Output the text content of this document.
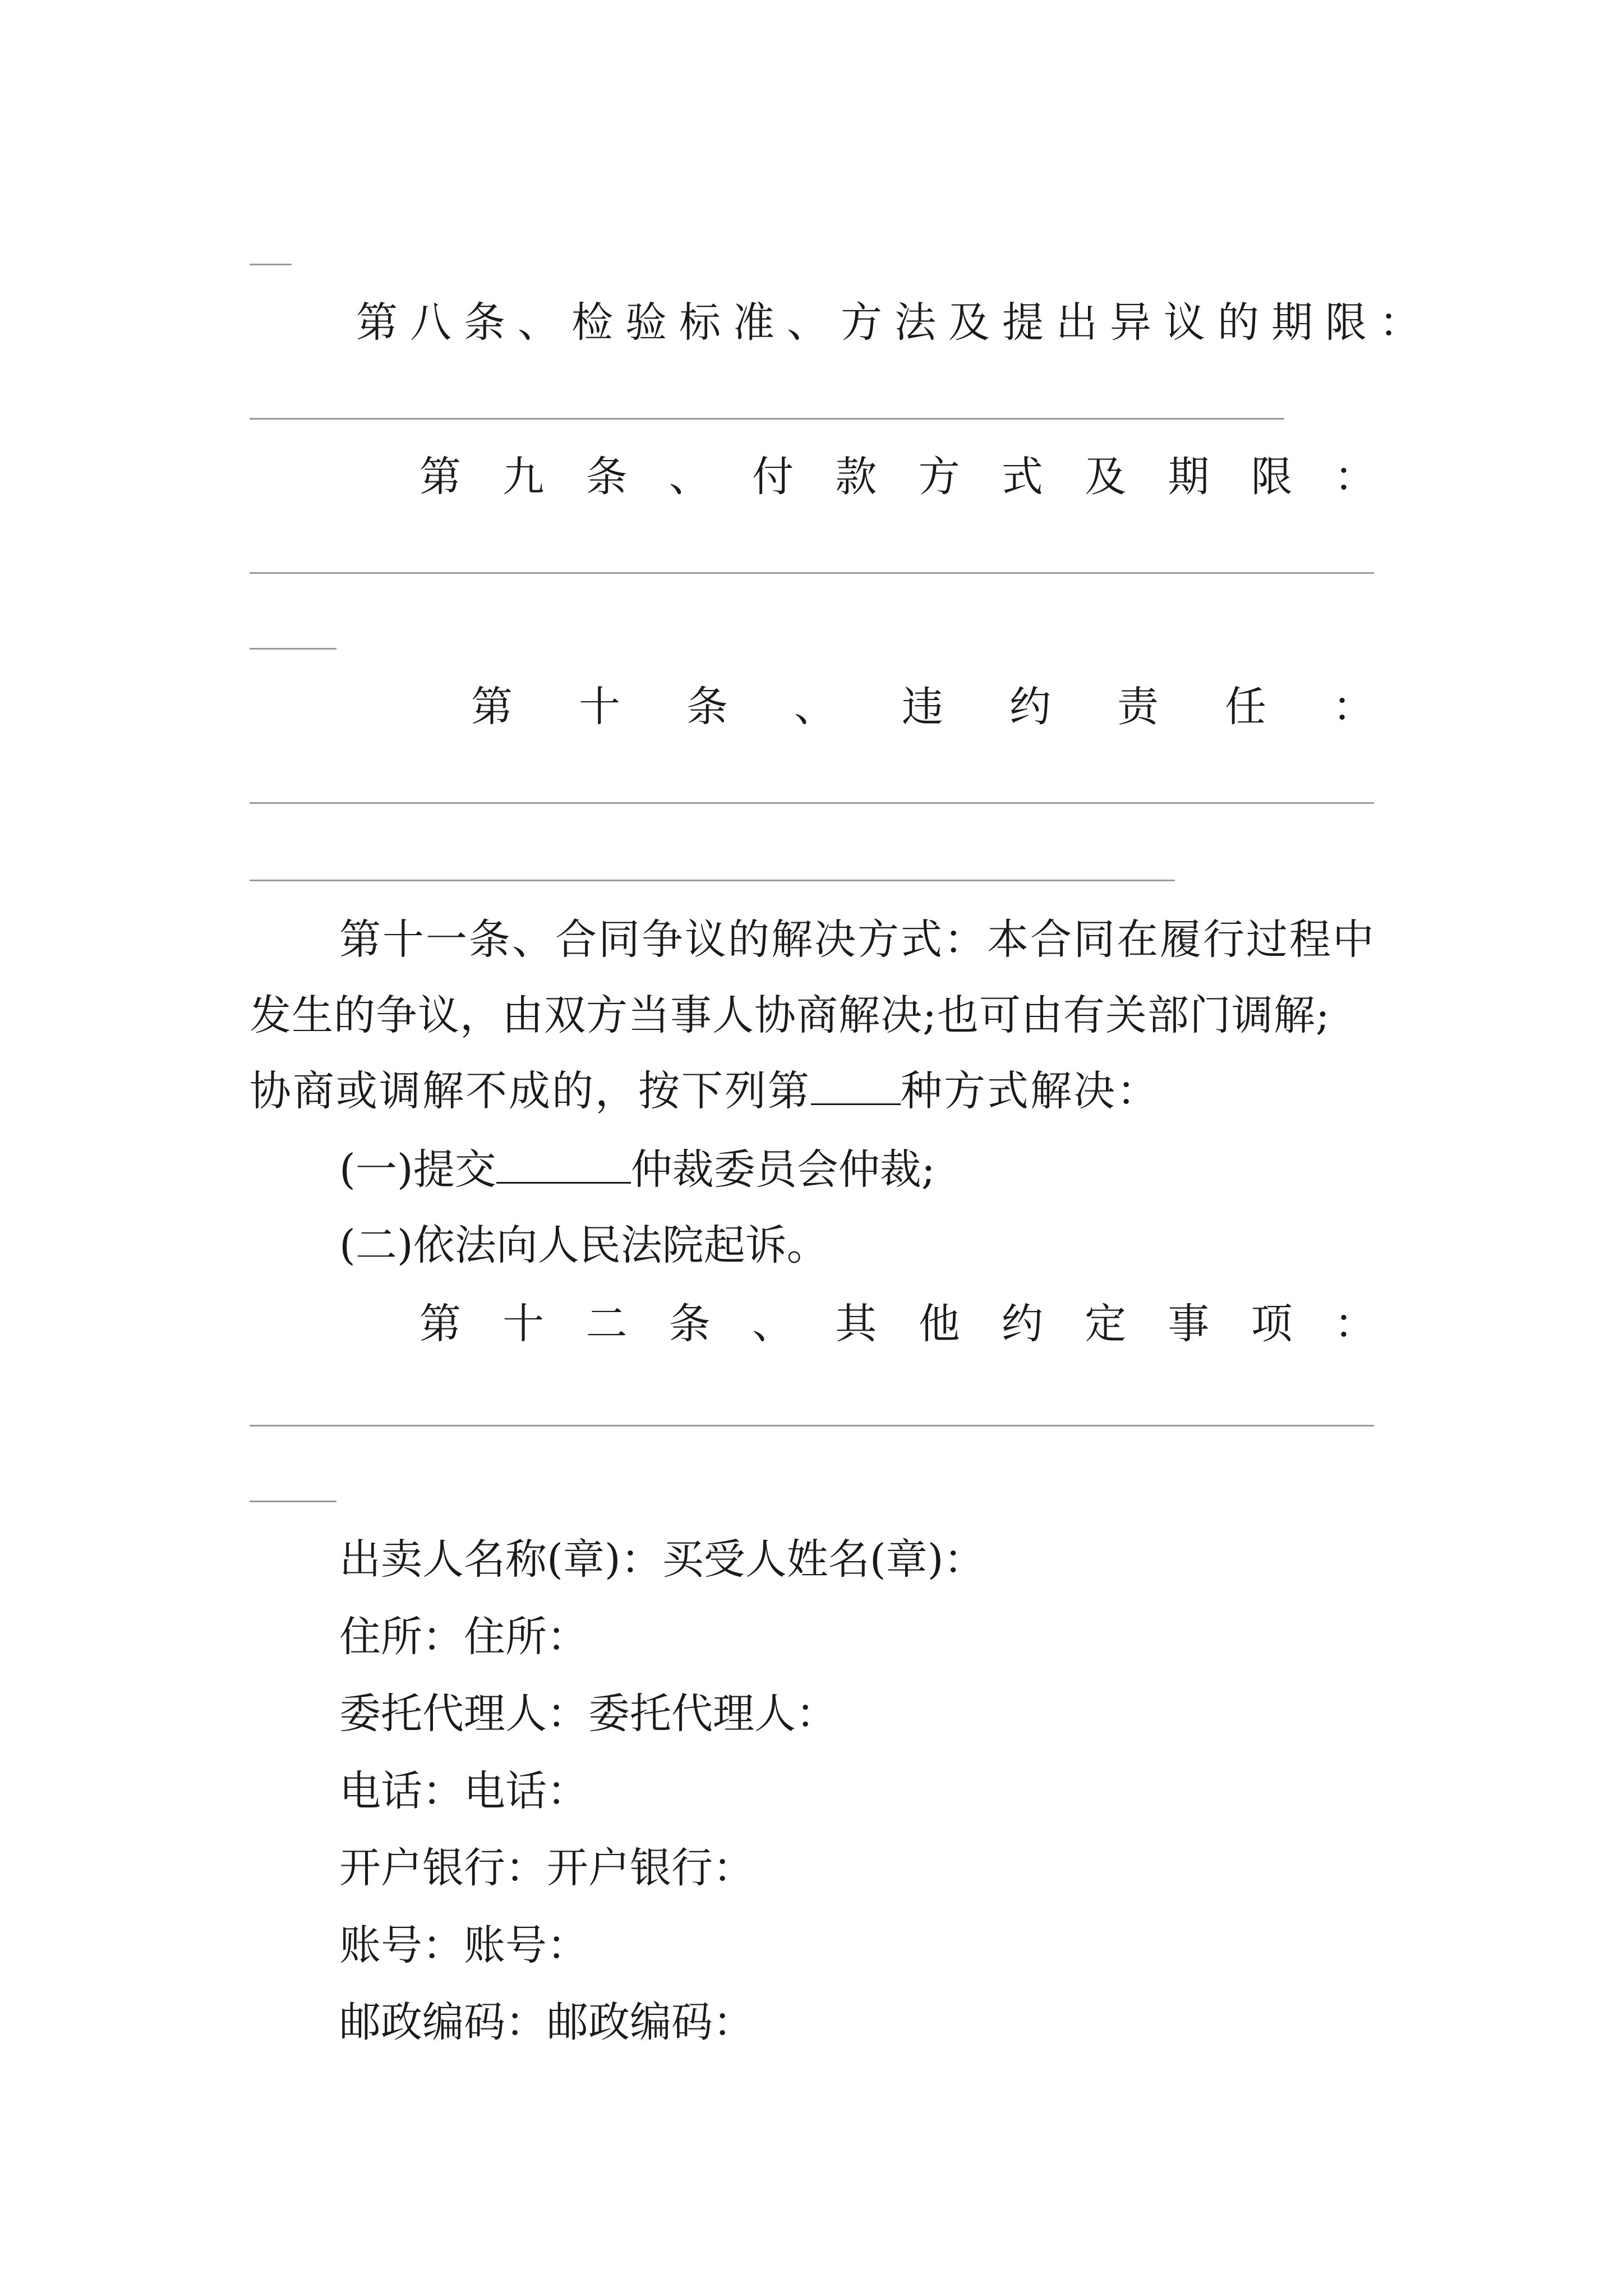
第八条、检验标准、方法及提出异议的期限：
第 九 条 、 付 款 方 式 及 期 限 ：
第 十 条 、 违 约 责 任 ：
第十一条、合同争议的解决方式：本合同在履行过程中
发生的争议，由双方当事人协商解决;也可由有关部门调解;
协商或调解不成的，按下列第 种方式解决：
(一)提交	仲裁委员会仲裁;
(二)依法向人民法院起诉。
第 十 二 条 、 其 他 约 定 事 项 ：
出卖人名称(章)：买受人姓名(章)：
住所：住所：
委托代理人：委托代理人：
电话：电话：
开户银行：开户银行：
账号：账号：
邮政编码：邮政编码：
